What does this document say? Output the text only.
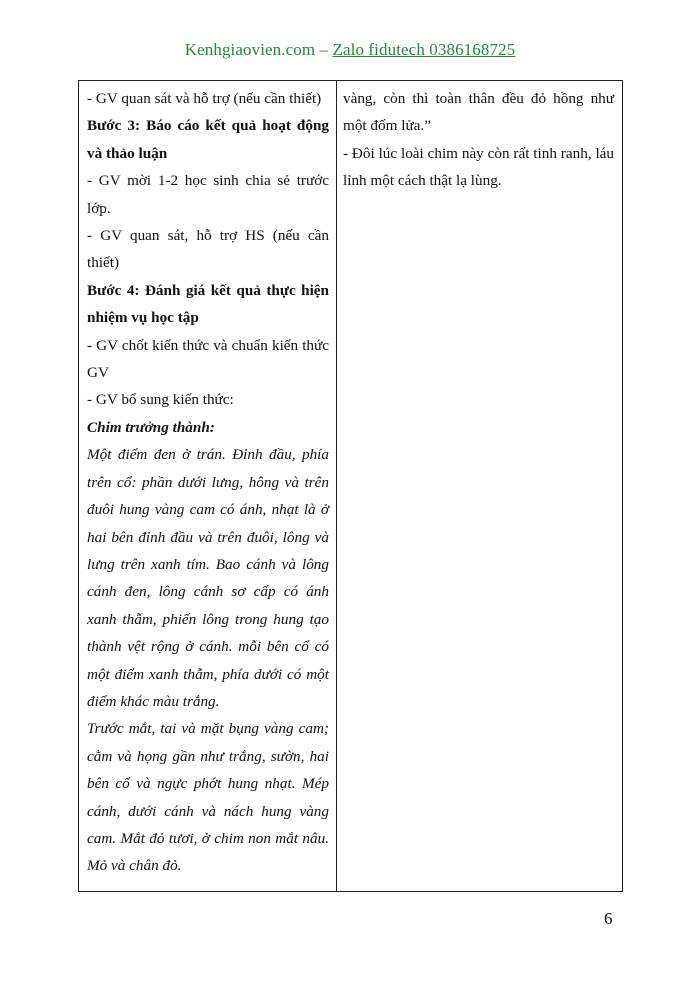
Kenhgiaovien.com – Zalo fidutech 0386168725

- GV quan sát và hỗ trợ (nếu cần thiết)

Bước 3: Báo cáo kết quả hoạt động và thảo luận

- GV mời 1-2 học sinh chia sẻ trước lớp.

- GV quan sát, hỗ trợ HS (nếu cần thiết)

Bước 4: Đánh giá kết quả thực hiện nhiệm vụ học tập

- GV chốt kiến thức và chuẩn kiến thức GV

- GV bổ sung kiến thức:

Chim trưởng thành:

Một điểm đen ở trán. Đỉnh đầu, phía trên cổ: phần dưới lưng, hông và trên đuôi hung vàng cam có ánh, nhạt là ở hai bên đỉnh đầu và trên đuôi, lông và lưng trên xanh tím. Bao cánh và lông cánh đen, lông cánh sơ cấp có ánh xanh thẫm, phiến lông trong hung tạo thành vệt rộng ở cánh. mỗi bên cổ có một điểm xanh thẫm, phía dưới có một điểm khác màu trắng.

Trước mắt, tai và mặt bụng vàng cam; cằm và họng gần như trắng, sườn, hai bên cổ và ngực phớt hung nhạt. Mép cánh, dưới cánh và nách hung vàng cam. Mắt đỏ tươi, ở chim non mắt nâu. Mỏ và chân đỏ.

vàng, còn thì toàn thân đều đỏ hồng như một đốm lửa.”

- Đôi lúc loài chim này còn rất tinh ranh, láu lỉnh một cách thật lạ lùng.

6
